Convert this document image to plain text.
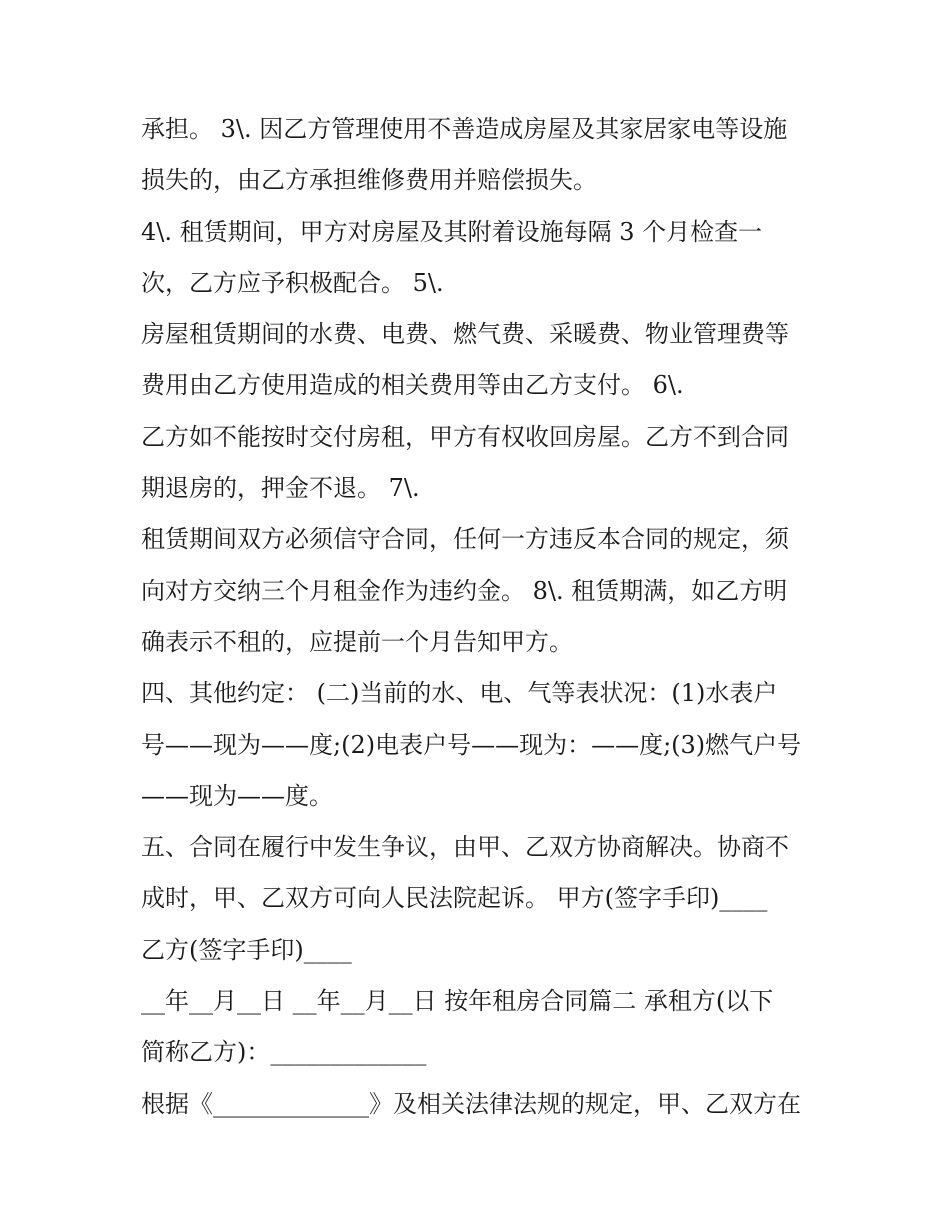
承担。 3\. 因乙方管理使用不善造成房屋及其家居家电等设施
损失的，由乙方承担维修费用并赔偿损失。
4\. 租赁期间，甲方对房屋及其附着设施每隔 3 个月检查一
次，乙方应予积极配合。 5\.
房屋租赁期间的水费、电费、燃气费、采暖费、物业管理费等
费用由乙方使用造成的相关费用等由乙方支付。 6\.
乙方如不能按时交付房租，甲方有权收回房屋。乙方不到合同
期退房的，押金不退。 7\.
租赁期间双方必须信守合同，任何一方违反本合同的规定，须
向对方交纳三个月租金作为违约金。 8\. 租赁期满，如乙方明
确表示不租的，应提前一个月告知甲方。
四、其他约定： (二)当前的水、电、气等表状况：(1)水表户
号——现为——度;(2)电表户号——现为：——度;(3)燃气户号
——现为——度。
五、合同在履行中发生争议，由甲、乙双方协商解决。协商不
成时，甲、乙双方可向人民法院起诉。 甲方(签字手印)____
乙方(签字手印)____
__年__月__日 __年__月__日 按年租房合同篇二 承租方(以下
简称乙方)：_____________
根据《_____________》及相关法律法规的规定，甲、乙双方在
